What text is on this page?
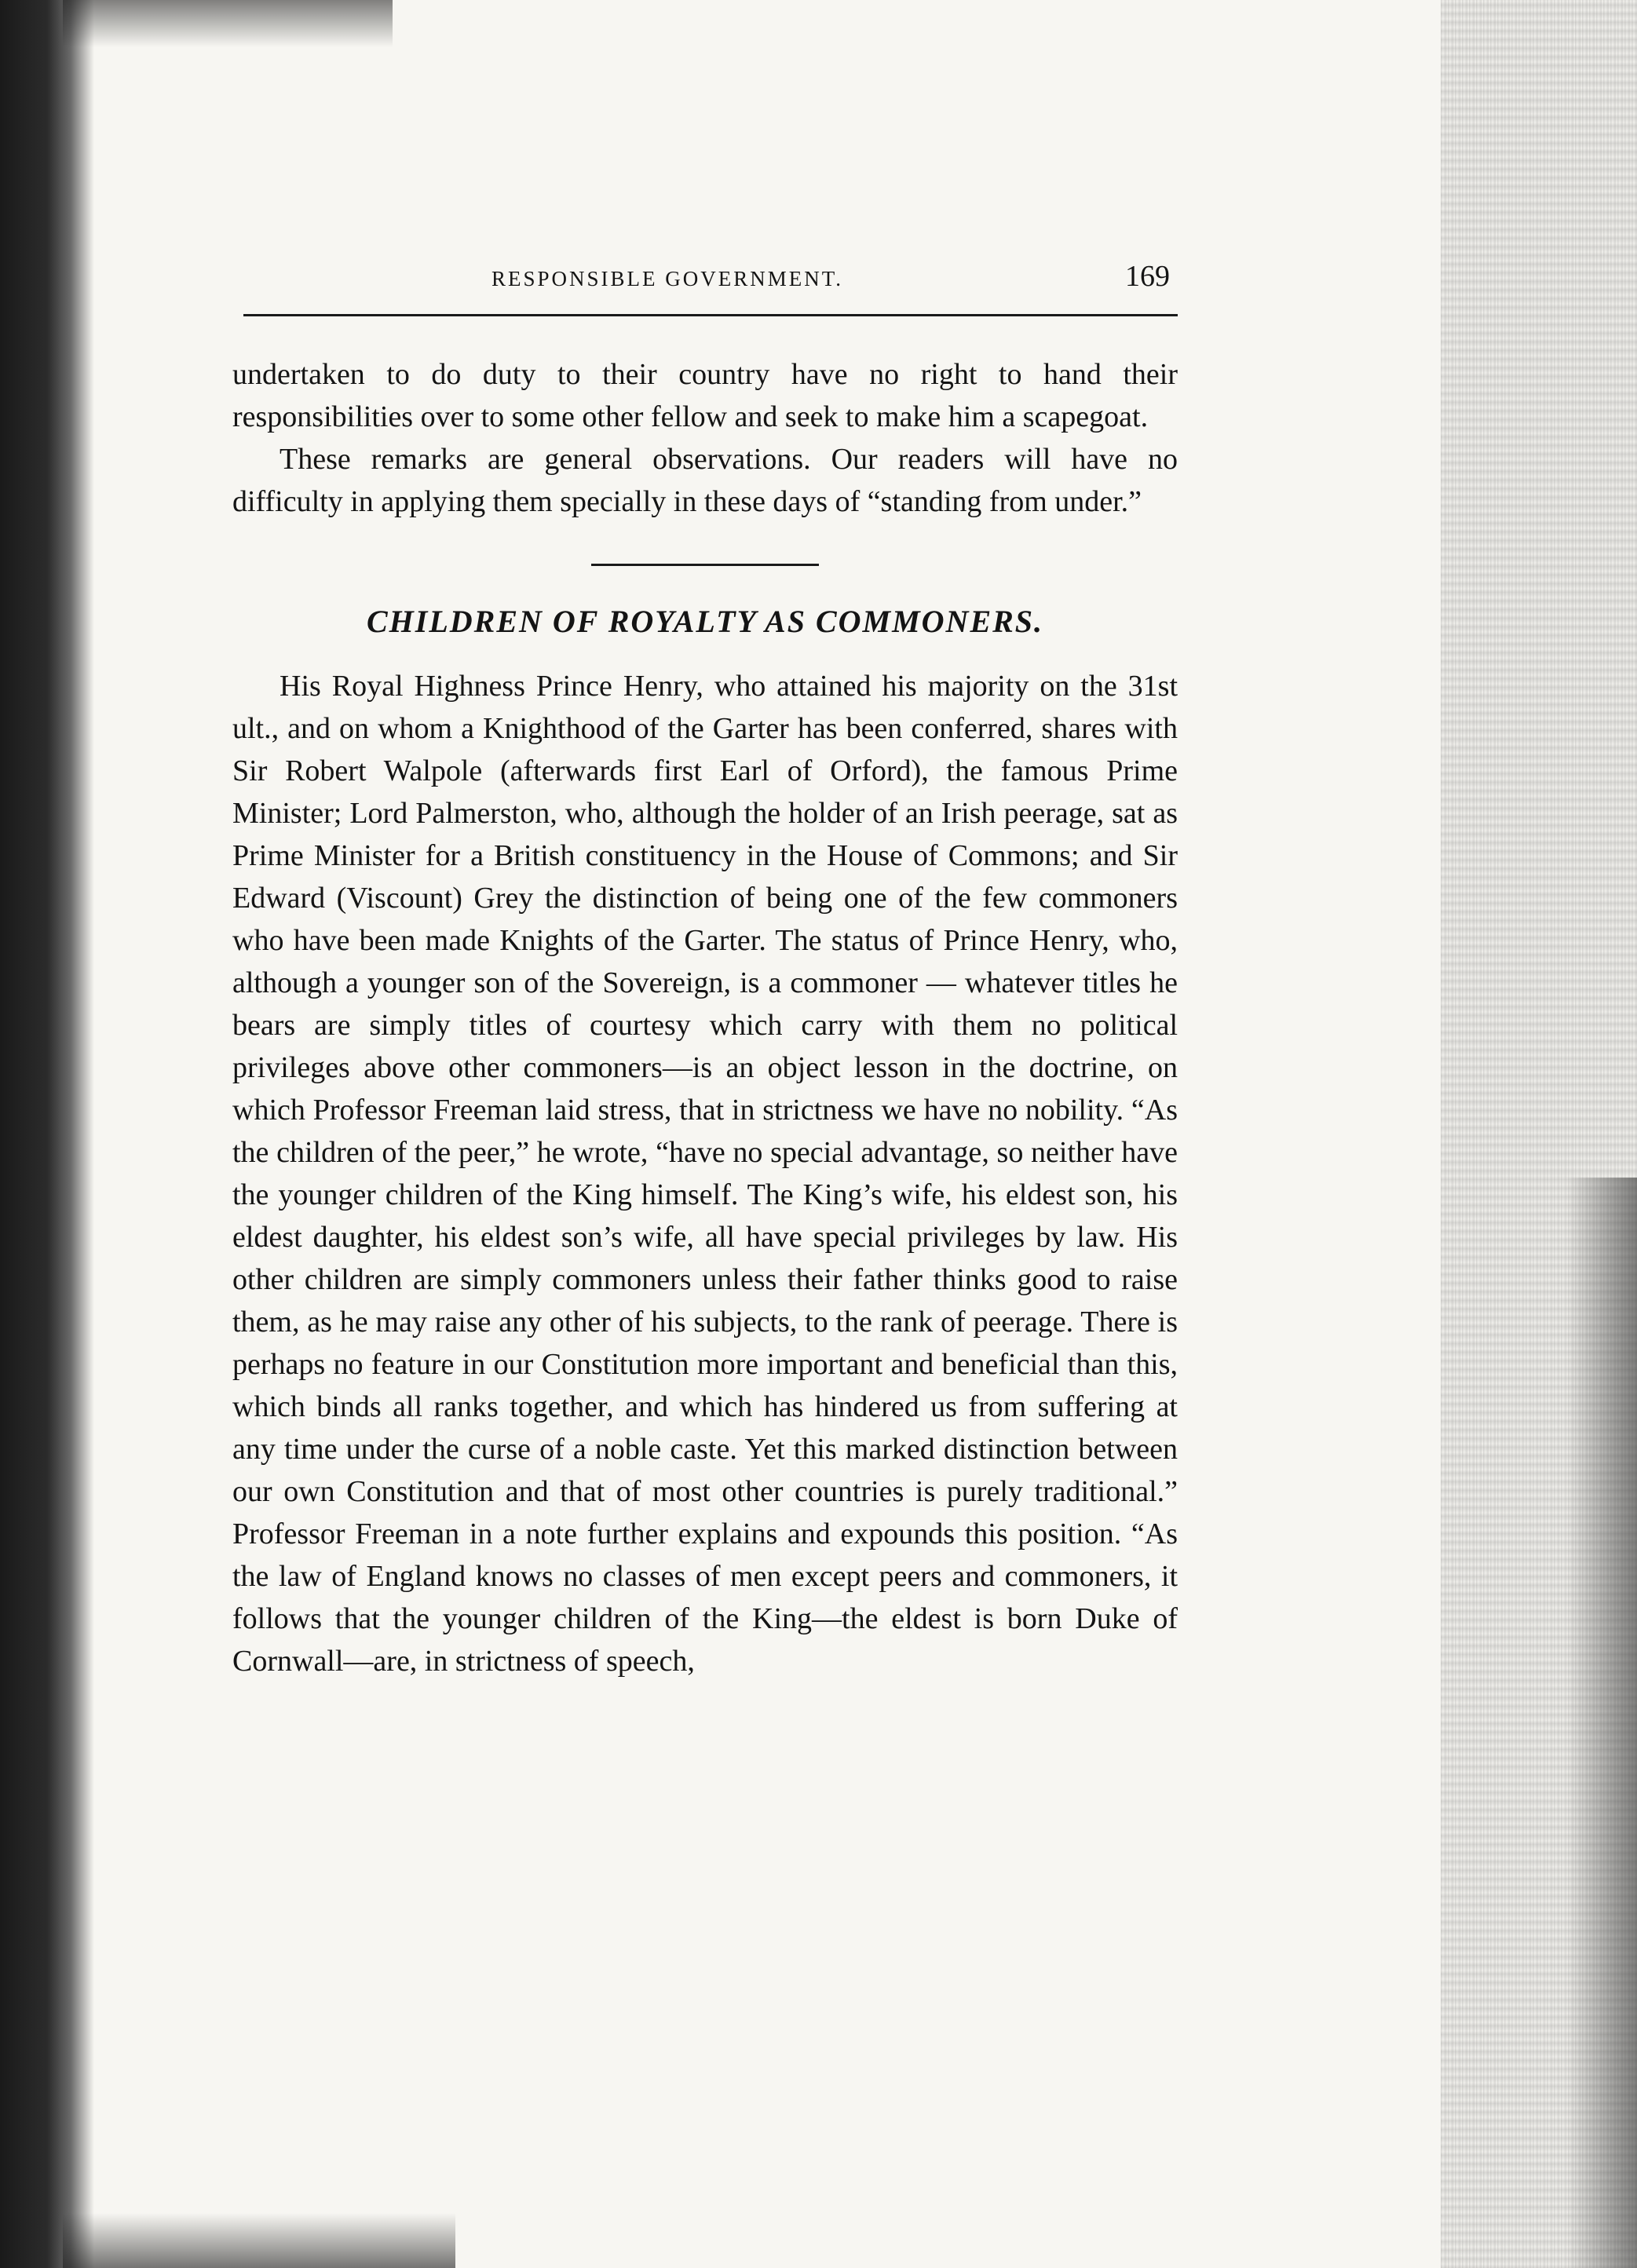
RESPONSIBLE GOVERNMENT.	169

undertaken to do duty to their country have no right to hand their responsibilities over to some other fellow and seek to make him a scapegoat.

These remarks are general observations. Our readers will have no difficulty in applying them specially in these days of “standing from under.”

CHILDREN OF ROYALTY AS COMMONERS.

His Royal Highness Prince Henry, who attained his majority on the 31st ult., and on whom a Knighthood of the Garter has been conferred, shares with Sir Robert Walpole (afterwards first Earl of Orford), the famous Prime Minister; Lord Palmerston, who, although the holder of an Irish peerage, sat as Prime Minister for a British constituency in the House of Commons; and Sir Edward (Viscount) Grey the distinction of being one of the few commoners who have been made Knights of the Garter. The status of Prince Henry, who, although a younger son of the Sovereign, is a commoner — whatever titles he bears are simply titles of courtesy which carry with them no political privileges above other commoners—is an object lesson in the doctrine, on which Professor Freeman laid stress, that in strictness we have no nobility. “As the children of the peer,” he wrote, “have no special advantage, so neither have the younger children of the King himself. The King’s wife, his eldest son, his eldest daughter, his eldest son’s wife, all have special privileges by law. His other children are simply commoners unless their father thinks good to raise them, as he may raise any other of his subjects, to the rank of peerage. There is perhaps no feature in our Constitution more important and beneficial than this, which binds all ranks together, and which has hindered us from suffering at any time under the curse of a noble caste. Yet this marked distinction between our own Constitution and that of most other countries is purely traditional.” Professor Freeman in a note further explains and expounds this position. “As the law of England knows no classes of men except peers and commoners, it follows that the younger children of the King—the eldest is born Duke of Cornwall—are, in strictness of speech,
